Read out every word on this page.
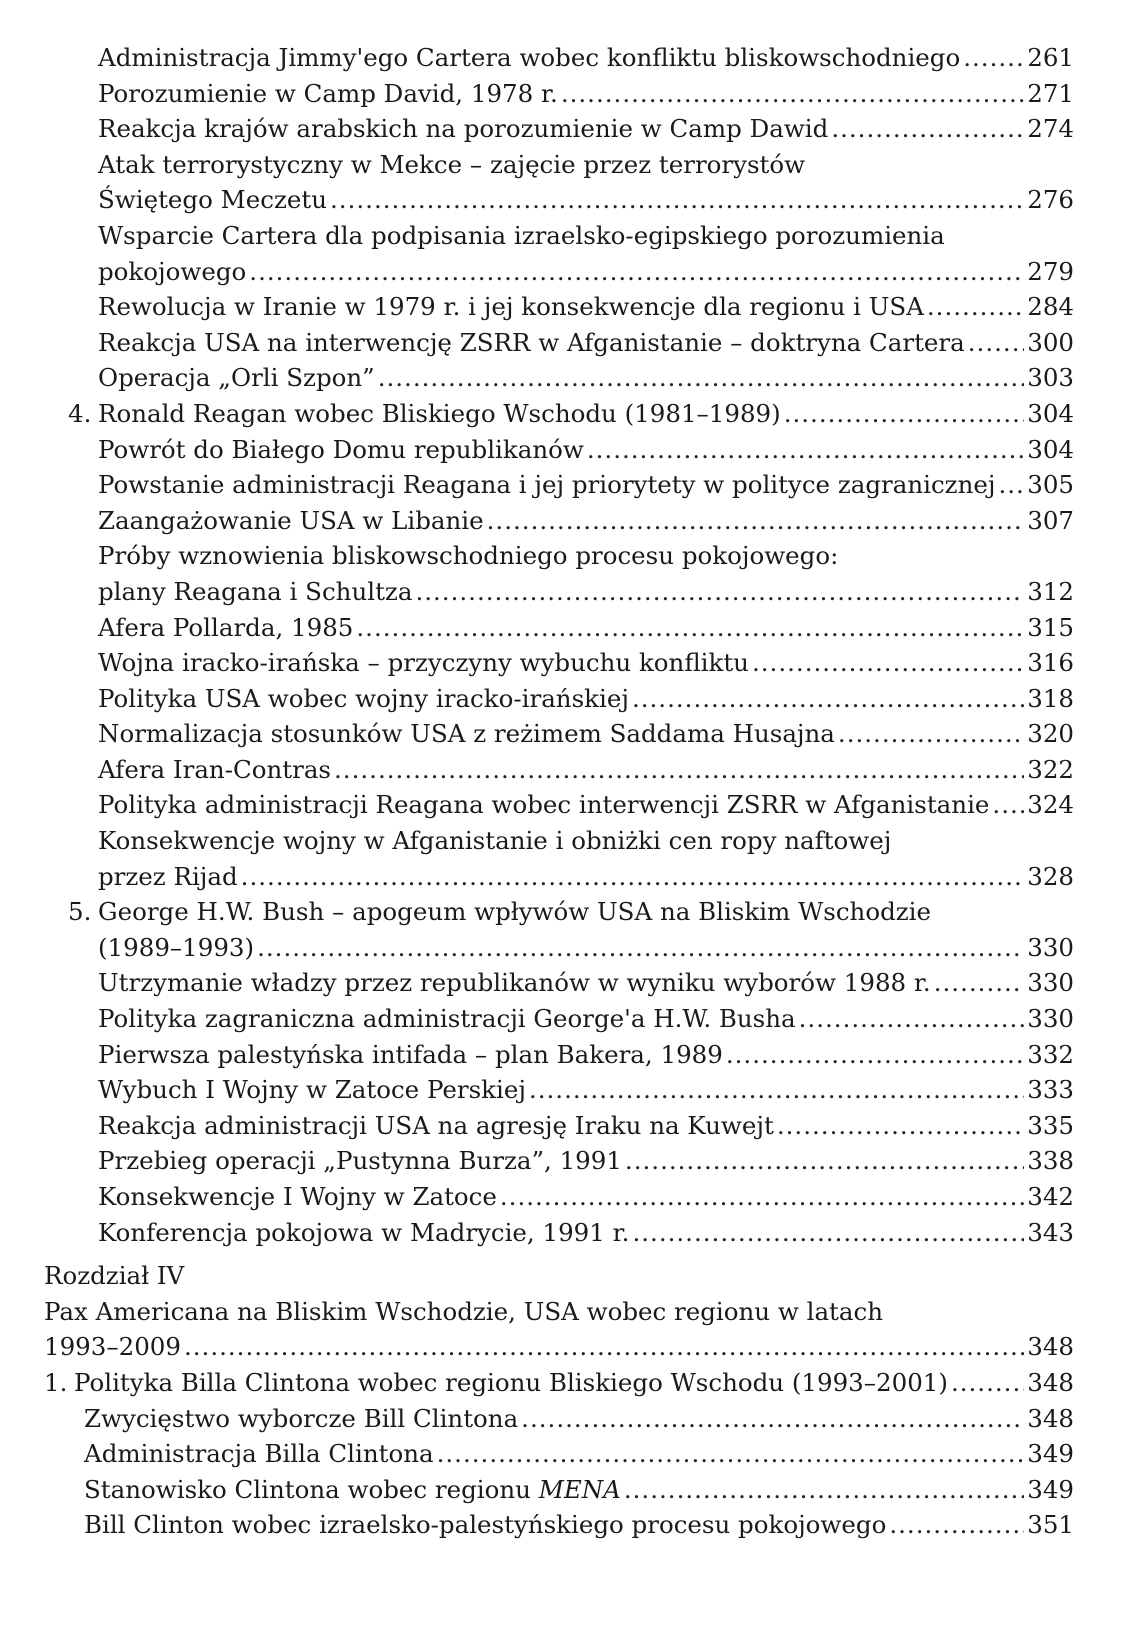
Administracja Jimmy'ego Cartera wobec konfliktu bliskowschodniego .....	261
Porozumienie w Camp David, 1978 r. .....	271
Reakcja krajów arabskich na porozumienie w Camp Dawid .....	274
Atak terrorystyczny w Mekce – zajęcie przez terrorystów
Świętego Meczetu .....	276
Wsparcie Cartera dla podpisania izraelsko-egipskiego porozumienia
pokojowego .....	279
Rewolucja w Iranie w 1979 r. i jej konsekwencje dla regionu i USA .....	284
Reakcja USA na interwencję ZSRR w Afganistanie – doktryna Cartera .....	300
Operacja „Orli Szpon” .....	303
4. Ronald Reagan wobec Bliskiego Wschodu (1981–1989) .....	304
Powrót do Białego Domu republikanów .....	304
Powstanie administracji Reagana i jej priorytety w polityce zagranicznej ..... 305
Zaangażowanie USA w Libanie .....	307
Próby wznowienia bliskowschodniego procesu pokojowego:
plany Reagana i Schultza .....	312
Afera Pollarda, 1985 .....	315
Wojna iracko-irańska – przyczyny wybuchu konfliktu .....	316
Polityka USA wobec wojny iracko-irańskiej .....	318
Normalizacja stosunków USA z reżimem Saddama Husajna .....	320
Afera Iran-Contras .....	322
Polityka administracji Reagana wobec interwencji ZSRR w Afganistanie ..... 324
Konsekwencje wojny w Afganistanie i obniżki cen ropy naftowej
przez Rijad .....	328
5. George H.W. Bush – apogeum wpływów USA na Bliskim Wschodzie
(1989–1993) .....	330
Utrzymanie władzy przez republikanów w wyniku wyborów 1988 r. .....	330
Polityka zagraniczna administracji George'a H.W. Busha .....	330
Pierwsza palestyńska intifada – plan Bakera, 1989 .....	332
Wybuch I Wojny w Zatoce Perskiej .....	333
Reakcja administracji USA na agresję Iraku na Kuwejt .....	335
Przebieg operacji „Pustynna Burza”, 1991 .....	338
Konsekwencje I Wojny w Zatoce .....	342
Konferencja pokojowa w Madrycie, 1991 r. .....	343
Rozdział IV
Pax Americana na Bliskim Wschodzie, USA wobec regionu w latach
1993–2009 .....	348
1. Polityka Billa Clintona wobec regionu Bliskiego Wschodu (1993–2001) .....	348
Zwycięstwo wyborcze Bill Clintona .....	348
Administracja Billa Clintona .....	349
Stanowisko Clintona wobec regionu MENA .....	349
Bill Clinton wobec izraelsko-palestyńskiego procesu pokojowego .....	351
